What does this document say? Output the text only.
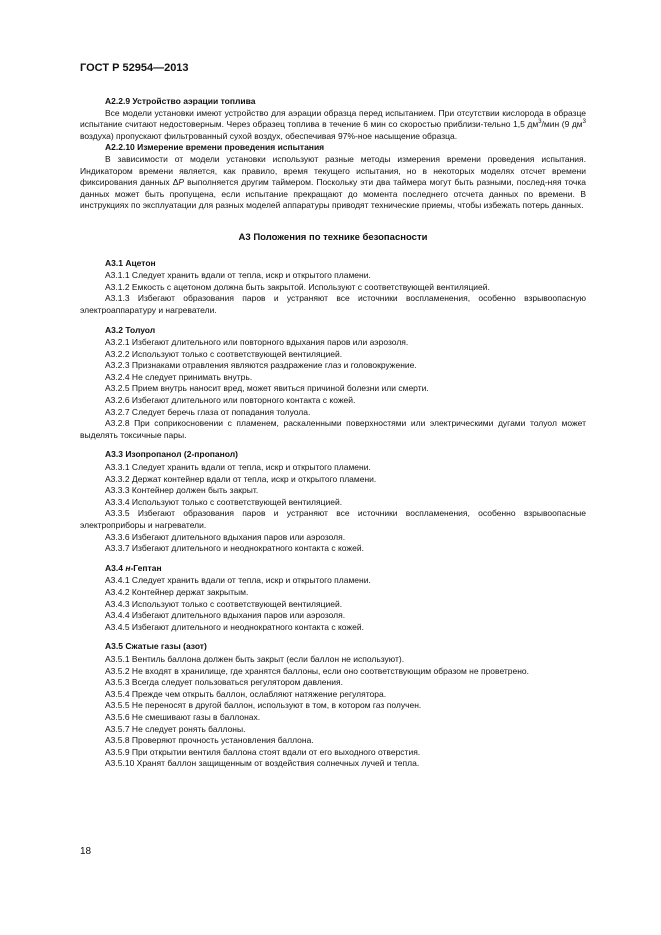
ГОСТ Р 52954—2013

А2.2.9 Устройство аэрации топлива

Все модели установки имеют устройство для аэрации образца перед испытанием. При отсутствии кислорода в образце испытание считают недостоверным. Через образец топлива в течение 6 мин со скоростью приблизи-тельно 1,5 $дм^3$/мин (9 $дм^3$ воздуха) пропускают фильтрованный сухой воздух, обеспечивая 97%-ное насыщение образца.

А2.2.10 Измерение времени проведения испытания

В зависимости от модели установки используют разные методы измерения времени проведения испытания. Индикатором времени является, как правило, время текущего испытания, но в некоторых моделях отсчет времени фиксирования данных ΔP выполняется другим таймером. Поскольку эти два таймера могут быть разными, послед-няя точка данных может быть пропущена, если испытание прекращают до момента последнего отсчета данных по времени. В инструкциях по эксплуатации для разных моделей аппаратуры приводят технические приемы, чтобы избежать потерь данных.

А3 Положения по технике безопасности

А3.1 Ацетон

А3.1.1 Следует хранить вдали от тепла, искр и открытого пламени.

А3.1.2 Емкость с ацетоном должна быть закрытой. Используют с соответствующей вентиляцией.

А3.1.3 Избегают образования паров и устраняют все источники воспламенения, особенно взрывоопасную электроаппаратуру и нагреватели.

А3.2 Толуол

А3.2.1 Избегают длительного или повторного вдыхания паров или аэрозоля.

А3.2.2 Используют только с соответствующей вентиляцией.

А3.2.3 Признаками отравления являются раздражение глаз и головокружение.

А3.2.4 Не следует принимать внутрь.

А3.2.5 Прием внутрь наносит вред, может явиться причиной болезни или смерти.

А3.2.6 Избегают длительного или повторного контакта с кожей.

А3.2.7 Следует беречь глаза от попадания толуола.

А3.2.8 При соприкосновении с пламенем, раскаленными поверхностями или электрическими дугами толуол может выделять токсичные пары.

А3.3 Изопропанол (2-пропанол)

А3.3.1 Следует хранить вдали от тепла, искр и открытого пламени.

А3.3.2 Держат контейнер вдали от тепла, искр и открытого пламени.

А3.3.3 Контейнер должен быть закрыт.

А3.3.4 Используют только с соответствующей вентиляцией.

А3.3.5 Избегают образования паров и устраняют все источники воспламенения, особенно взрывоопасные электроприборы и нагреватели.

А3.3.6 Избегают длительного вдыхания паров или аэрозоля.

А3.3.7 Избегают длительного и неоднократного контакта с кожей.

А3.4 н-Гептан

А3.4.1 Следует хранить вдали от тепла, искр и открытого пламени.

А3.4.2 Контейнер держат закрытым.

А3.4.3 Используют только с соответствующей вентиляцией.

А3.4.4 Избегают длительного вдыхания паров или аэрозоля.

А3.4.5 Избегают длительного и неоднократного контакта с кожей.

А3.5 Сжатые газы (азот)

А3.5.1 Вентиль баллона должен быть закрыт (если баллон не используют).

А3.5.2 Не входят в хранилище, где хранятся баллоны, если оно соответствующим образом не проветрено.

А3.5.3 Всегда следует пользоваться регулятором давления.

А3.5.4 Прежде чем открыть баллон, ослабляют натяжение регулятора.

А3.5.5 Не переносят в другой баллон, используют в том, в котором газ получен.

А3.5.6 Не смешивают газы в баллонах.

А3.5.7 Не следует ронять баллоны.

А3.5.8 Проверяют прочность установления баллона.

А3.5.9 При открытии вентиля баллона стоят вдали от его выходного отверстия.

А3.5.10 Хранят баллон защищенным от воздействия солнечных лучей и тепла.

18
